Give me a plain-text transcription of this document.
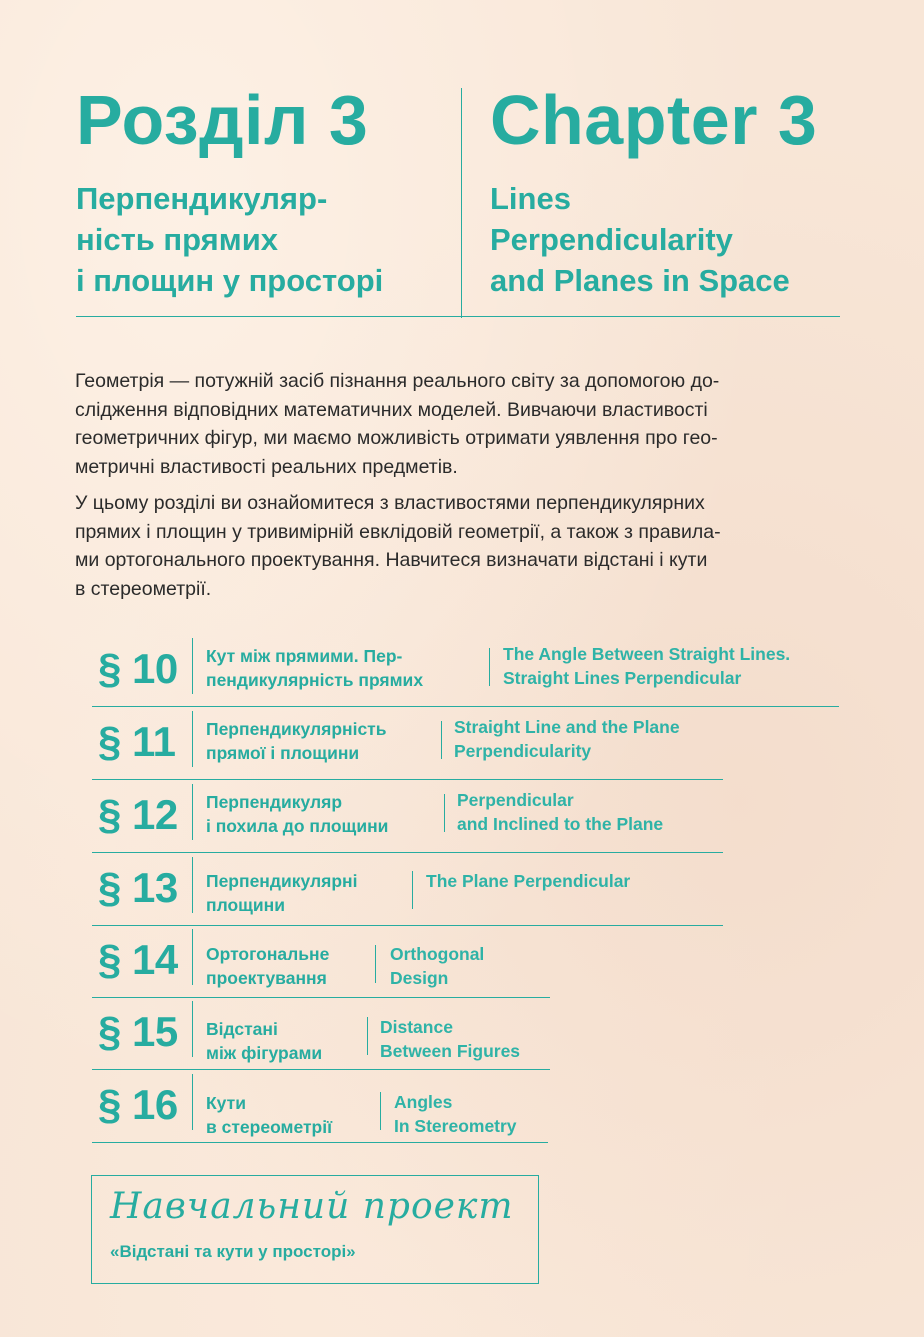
Розділ 3
Перпендикуляр-
ність прямих
і площин у просторі
Chapter 3
Lines
Perpendicularity
and Planes in Space

Геометрія — потужній засіб пізнання реального світу за допомогою до-
слідження відповідних математичних моделей. Вивчаючи властивості
геометричних фігур, ми маємо можливість отримати уявлення про гео-
метричні властивості реальних предметів.

У цьому розділі ви ознайомитеся з властивостями перпендикулярних
прямих і площин у тривимірній евклідовій геометрії, а також з правила-
ми ортогонального проектування. Навчитеся визначати відстані і кути
в стереометрії.

§ 10 Кут між прямими. Пер-
пендикулярність прямих
The Angle Between Straight Lines.
Straight Lines Perpendicular
§ 11 Перпендикулярність
прямої і площини
Straight Line and the Plane
Perpendicularity
§ 12 Перпендикуляр
і похила до площини
Perpendicular
and Inclined to the Plane
§ 13 Перпендикулярні
площини
The Plane Perpendicular
§ 14 Ортогональне
проектування
Orthogonal
Design
§ 15 Відстані
між фігурами
Distance
Between Figures
§ 16 Кути
в стереометрії
Angles
In Stereometry
Навчальний проект
«Відстані та кути у просторі»
